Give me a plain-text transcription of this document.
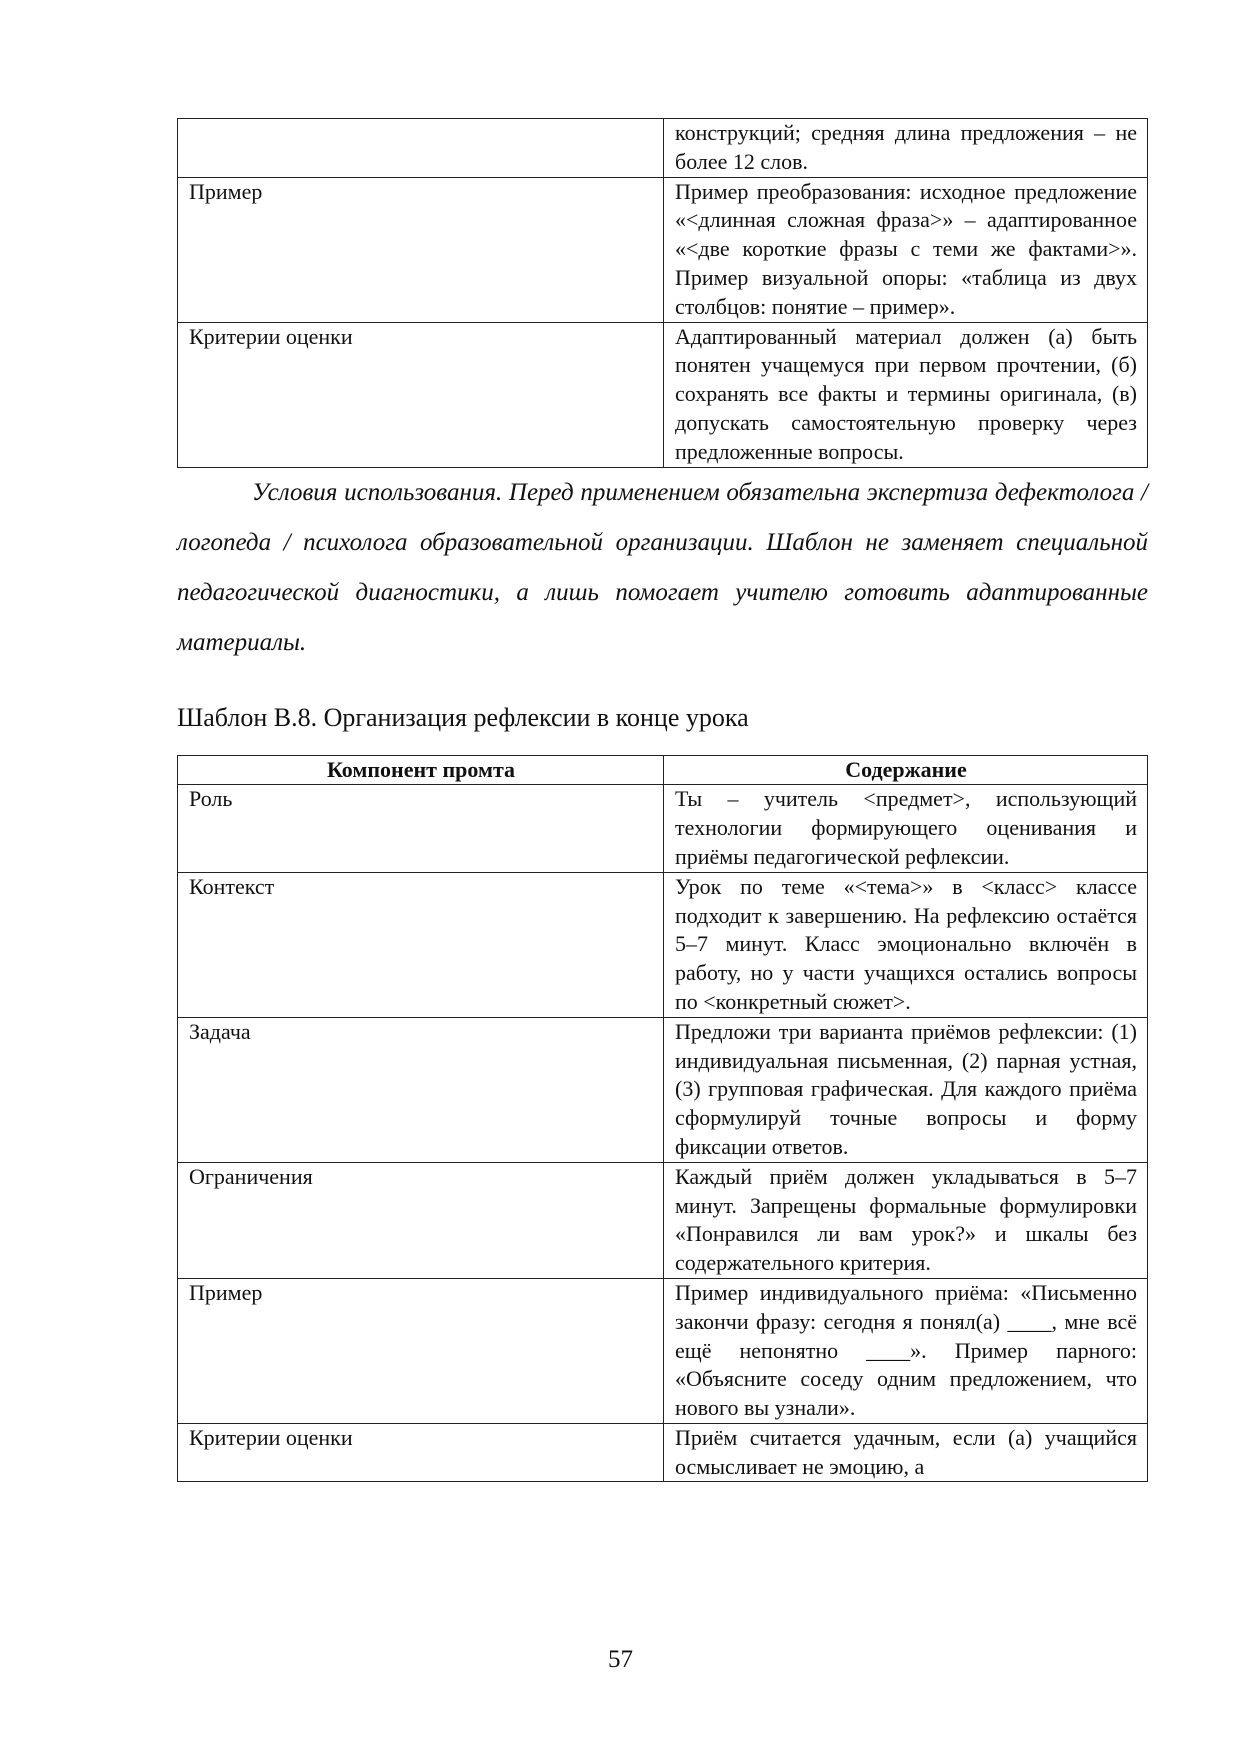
	конструкций; средняя длина предложения – не более 12 слов.
Пример	Пример преобразования: исходное предложение «<длинная сложная фраза>» – адаптированное «<две короткие фразы с теми же фактами>». Пример визуальной опоры: «таблица из двух столбцов: понятие – пример».
Критерии оценки	Адаптированный материал должен (а) быть понятен учащемуся при первом прочтении, (б) сохранять все факты и термины оригинала, (в) допускать самостоятельную проверку через предложенные вопросы.

Условия использования. Перед применением обязательна экспертиза дефектолога / логопеда / психолога образовательной организации. Шаблон не заменяет специальной педагогической диагностики, а лишь помогает учителю готовить адаптированные материалы.

Шаблон В.8. Организация рефлексии в конце урока
Компонент промта	Содержание
Роль	Ты – учитель <предмет>, использующий технологии формирующего оценивания и приёмы педагогической рефлексии.
Контекст	Урок по теме «<тема>» в <класс> классе подходит к завершению. На рефлексию остаётся 5–7 минут. Класс эмоционально включён в работу, но у части учащихся остались вопросы по <конкретный сюжет>.
Задача	Предложи три варианта приёмов рефлексии: (1) индивидуальная письменная, (2) парная устная, (3) групповая графическая. Для каждого приёма сформулируй точные вопросы и форму фиксации ответов.
Ограничения	Каждый приём должен укладываться в 5–7 минут. Запрещены формальные формулировки «Понравился ли вам урок?» и шкалы без содержательного критерия.
Пример	Пример индивидуального приёма: «Письменно закончи фразу: сегодня я понял(а) ____, мне всё ещё непонятно ____». Пример парного: «Объясните соседу одним предложением, что нового вы узнали».
Критерии оценки	Приём считается удачным, если (а) учащийся осмысливает не эмоцию, а
57
